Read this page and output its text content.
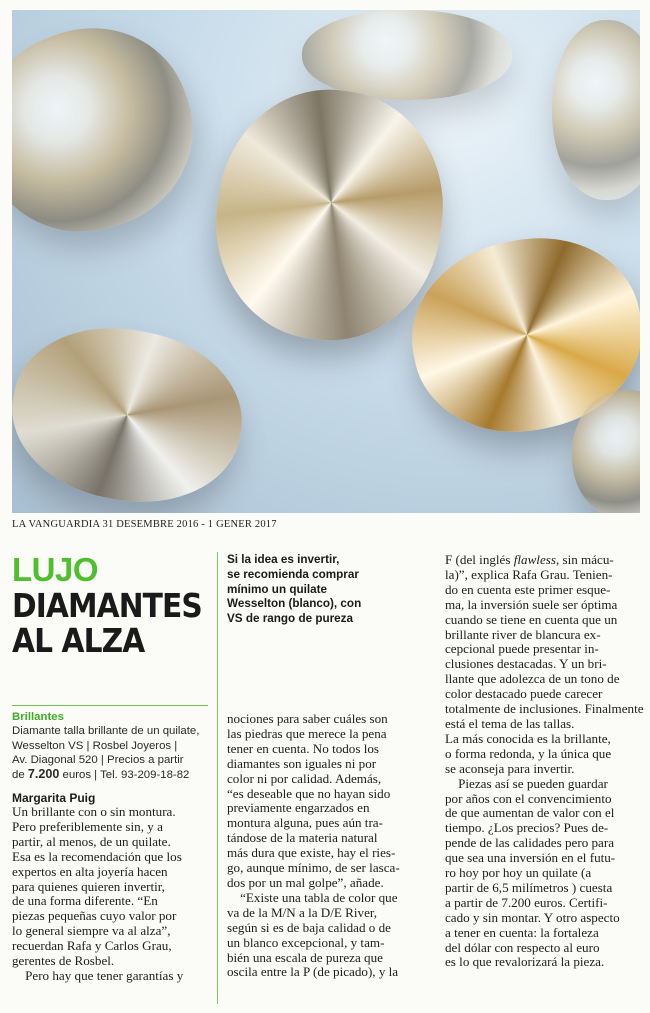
LA VANGUARDIA 31 DESEMBRE 2016 - 1 GENER 2017
LUJO
DIAMANTES
AL ALZA
Brillantes
Diamante talla brillante de un quilate,
Wesselton VS | Rosbel Joyeros |
Av. Diagonal 520 | Precios a partir
de 7.200 euros | Tel. 93-209-18-82
Margarita Puig
Si la idea es invertir,
se recomienda comprar
mínimo un quilate
Wesselton (blanco), con
VS de rango de pureza
Un brillante con o sin montura.
Pero preferiblemente sin, y a
partir, al menos, de un quilate.
Esa es la recomendación que los
expertos en alta joyería hacen
para quienes quieren invertir,
de una forma diferente. “En
piezas pequeñas cuyo valor por
lo general siempre va al alza”,
recuerdan Rafa y Carlos Grau,
gerentes de Rosbel.
Pero hay que tener garantías y
nociones para saber cuáles son
las piedras que merece la pena
tener en cuenta. No todos los
diamantes son iguales ni por
color ni por calidad. Además,
“es deseable que no hayan sido
previamente engarzados en
montura alguna, pues aún tra-
tándose de la materia natural
más dura que existe, hay el ries-
go, aunque mínimo, de ser lasca-
dos por un mal golpe”, añade.
“Existe una tabla de color que
va de la M/N a la D/E River,
según si es de baja calidad o de
un blanco excepcional, y tam-
bién una escala de pureza que
oscila entre la P (de picado), y la
F (del inglés flawless, sin mácu-
la)”, explica Rafa Grau. Tenien-
do en cuenta este primer esque-
ma, la inversión suele ser óptima
cuando se tiene en cuenta que un
brillante river de blancura ex-
cepcional puede presentar in-
clusiones destacadas. Y un bri-
llante que adolezca de un tono de
color destacado puede carecer
totalmente de inclusiones. Finalmente
está el tema de las tallas.
La más conocida es la brillante,
o forma redonda, y la única que
se aconseja para invertir.
Piezas así se pueden guardar
por años con el convencimiento
de que aumentan de valor con el
tiempo. ¿Los precios? Pues de-
pende de las calidades pero para
que sea una inversión en el futu-
ro hoy por hoy un quilate (a
partir de 6,5 milímetros ) cuesta
a partir de 7.200 euros. Certifi-
cado y sin montar. Y otro aspecto
a tener en cuenta: la fortaleza
del dólar con respecto al euro
es lo que revalorizará la pieza.
